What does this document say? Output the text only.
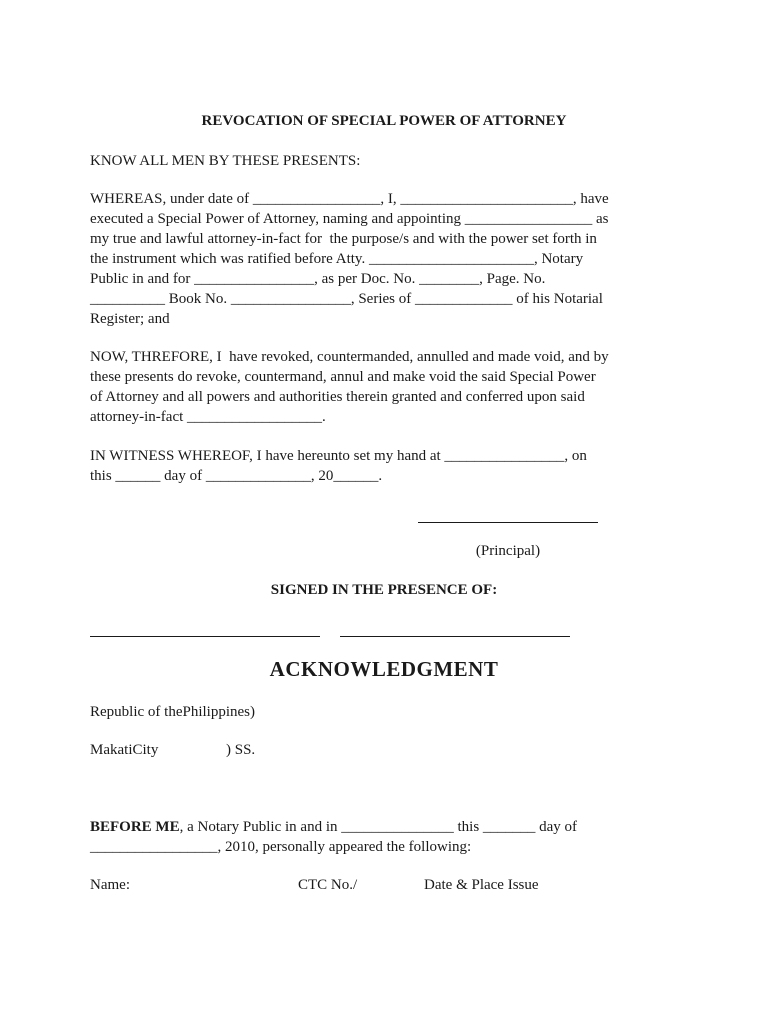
REVOCATION OF SPECIAL POWER OF ATTORNEY
KNOW ALL MEN BY THESE PRESENTS:
WHEREAS, under date of _________________, I, _______________________, have
executed a Special Power of Attorney, naming and appointing _________________ as
my true and lawful attorney-in-fact for  the purpose/s and with the power set forth in
the instrument which was ratified before Atty. ______________________, Notary
Public in and for ________________, as per Doc. No. ________, Page. No.
__________ Book No. ________________, Series of _____________ of his Notarial
Register; and
NOW, THREFORE, I  have revoked, countermanded, annulled and made void, and by
these presents do revoke, countermand, annul and make void the said Special Power
of Attorney and all powers and authorities therein granted and conferred upon said
attorney-in-fact __________________.
IN WITNESS WHEREOF, I have hereunto set my hand at ________________, on
this ______ day of ______________, 20______.
(Principal)
SIGNED IN THE PRESENCE OF:
ACKNOWLEDGMENT
Republic of thePhilippines)
MakatiCity	) SS.
BEFORE ME, a Notary Public in and in _______________ this _______ day of
_________________, 2010, personally appeared the following:
Name:	CTC No./	Date & Place Issue
